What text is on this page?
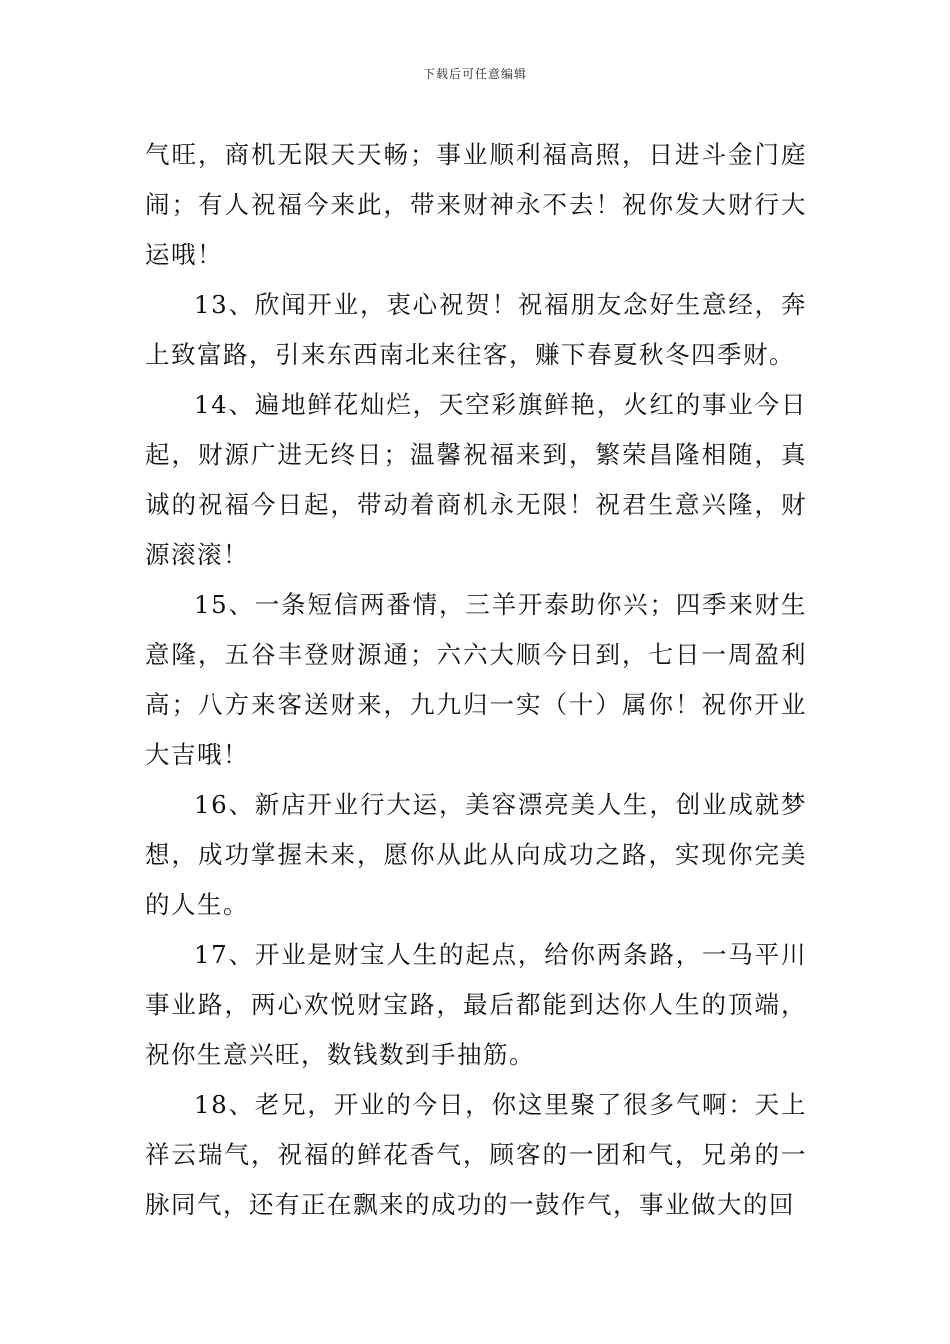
下载后可任意编辑

气旺，商机无限天天畅；事业顺利福高照，日进斗金门庭闹；有人祝福今来此，带来财神永不去！祝你发大财行大运哦！

13、欣闻开业，衷心祝贺！祝福朋友念好生意经，奔上致富路，引来东西南北来往客，赚下春夏秋冬四季财。

14、遍地鲜花灿烂，天空彩旗鲜艳，火红的事业今日起，财源广进无终日；温馨祝福来到，繁荣昌隆相随，真诚的祝福今日起，带动着商机永无限！祝君生意兴隆，财源滚滚！

15、一条短信两番情，三羊开泰助你兴；四季来财生意隆，五谷丰登财源通；六六大顺今日到，七日一周盈利高；八方来客送财来，九九归一实（十）属你！祝你开业大吉哦！

16、新店开业行大运，美容漂亮美人生，创业成就梦想，成功掌握未来，愿你从此从向成功之路，实现你完美的人生。

17、开业是财宝人生的起点，给你两条路，一马平川事业路，两心欢悦财宝路，最后都能到达你人生的顶端，祝你生意兴旺，数钱数到手抽筋。

18、老兄，开业的今日，你这里聚了很多气啊：天上祥云瑞气，祝福的鲜花香气，顾客的一团和气，兄弟的一脉同气，还有正在飘来的成功的一鼓作气，事业做大的回
